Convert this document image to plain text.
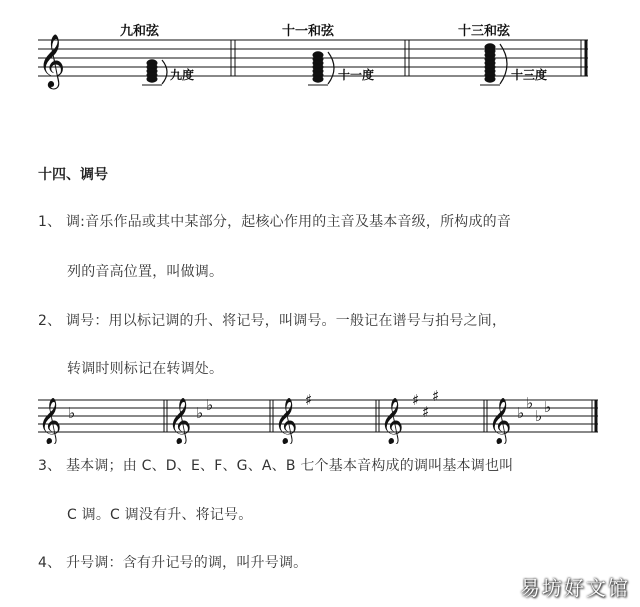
𝄞
九和弦	十一和弦	十三和弦
九度	十一度	十三度
十四、调号
1、 调:音乐作品或其中某部分，起核心作用的主音及基本音级，所构成的音
列的音高位置，叫做调。
2、 调号：用以标记调的升、将记号，叫调号。一般记在谱号与拍号之间，
转调时则标记在转调处。
𝄞	𝄞 𝄞 𝄞 𝄞
♭	♭ ♭	♯	♯
♯
♯
♭
♭
♭ ♭
3、 基本调；由 C、D、E、F、G、A、B 七个基本音构成的调叫基本调也叫
C 调。C 调没有升、将记号。
4、 升号调：含有升记号的调，叫升号调。
易坊好文馆
